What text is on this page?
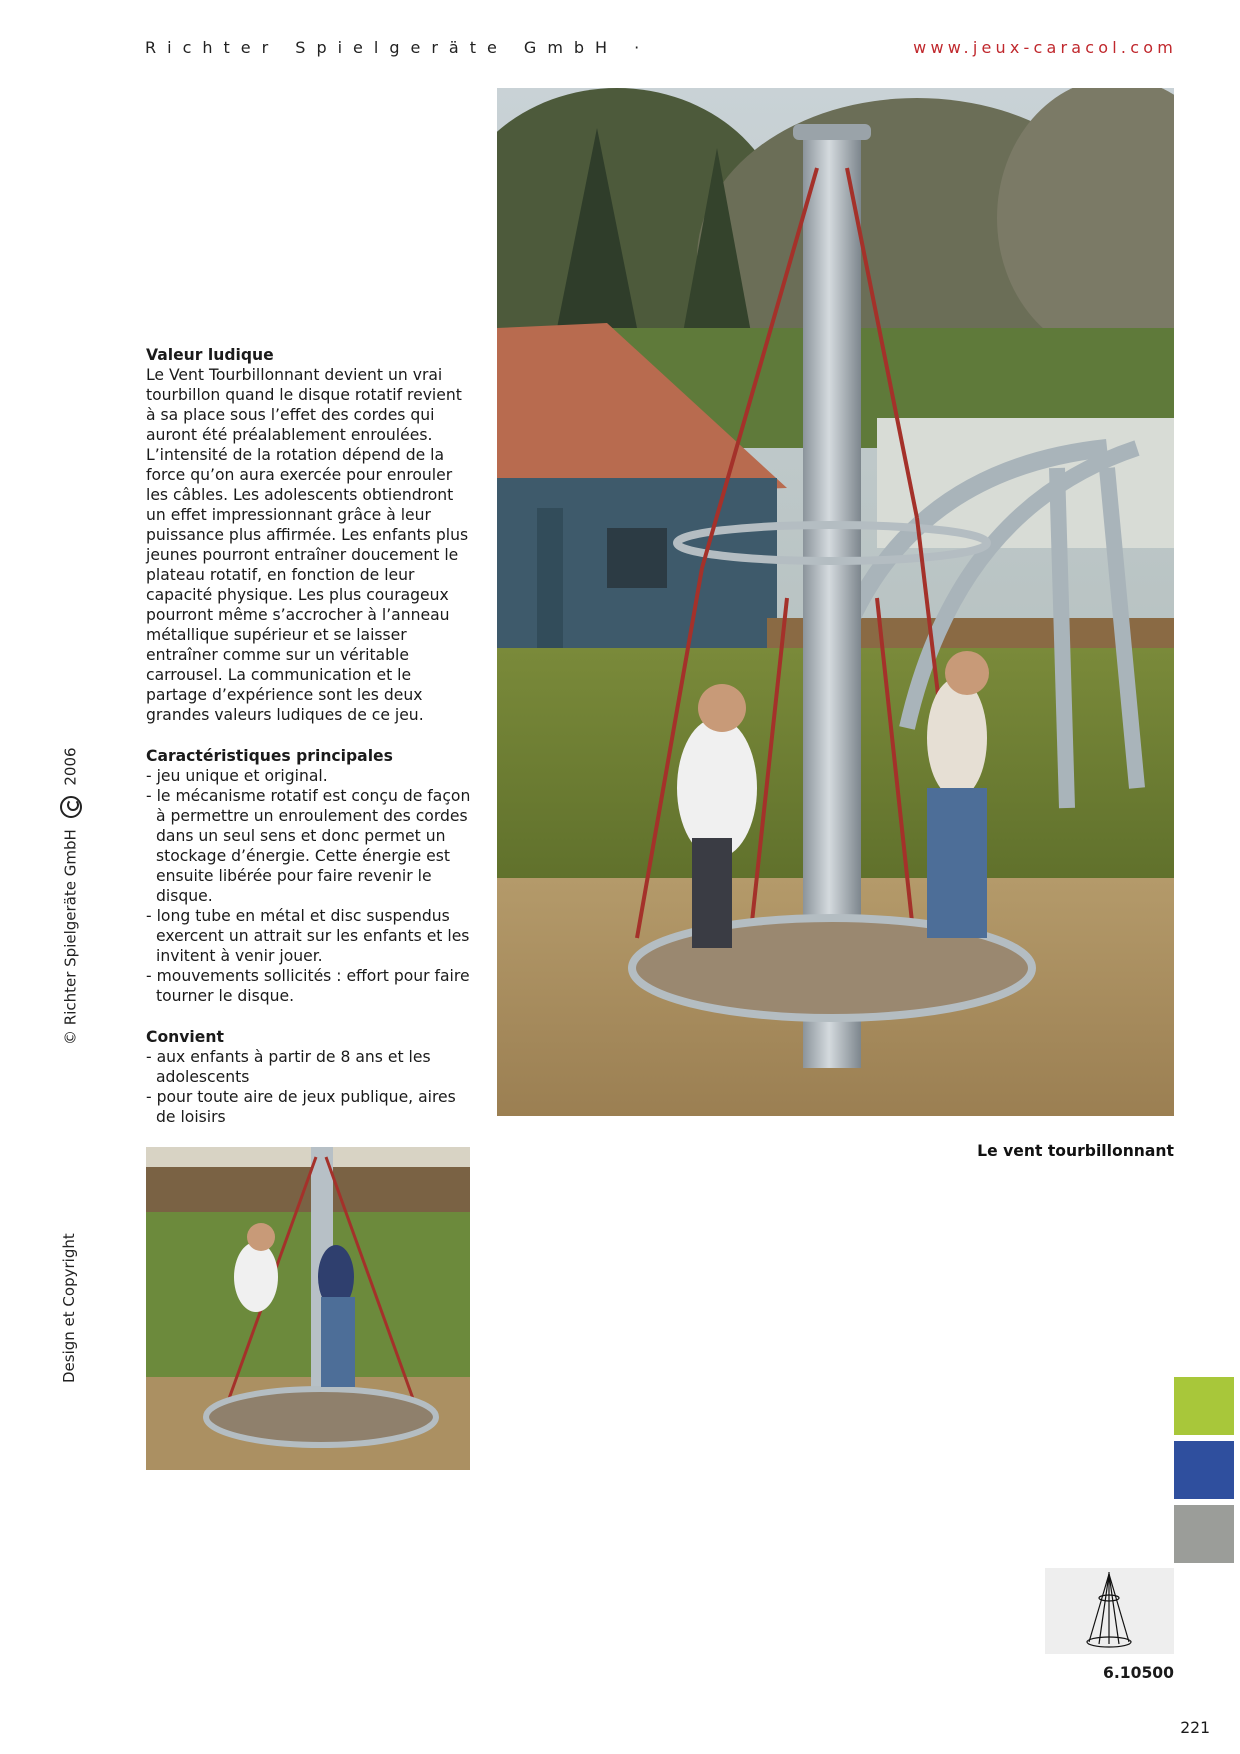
Richter Spielgeräte GmbH ·	www.jeux-caracol.com
© Richter Spielgeräte GmbH  2006
Design et Copyright
Valeur ludique

Le Vent Tourbillonnant devient un vrai tourbillon quand le disque rotatif revient à sa place sous l’effet des cordes qui auront été préalablement enroulées. L’intensité de la rotation dépend de la force qu’on aura exercée pour enrouler les câbles. Les adolescents obtiendront un effet impressionnant grâce à leur puissance plus affirmée. Les enfants plus jeunes pourront entraîner doucement le plateau rotatif, en fonction de leur capacité physique. Les plus courageux pourront même s’accrocher à l’anneau métallique supérieur et se laisser entraîner comme sur un véritable carrousel. La communication et le partage d’expérience sont les deux grandes valeurs ludiques de ce jeu.

Caractéristiques principales
- jeu unique et original.
- le mécanisme rotatif est conçu de façon à permettre un enroulement des cordes dans un seul sens et donc permet un stockage d’énergie. Cette énergie est ensuite libérée pour faire revenir le disque.
- long tube en métal et disc suspendus exercent un attrait sur les enfants et les invitent à venir jouer.
- mouvements sollicités : effort pour faire tourner le disque.
Convient
- aux enfants à partir de 8 ans et les adolescents
- pour toute aire de jeux publique, aires de loisirs
Le vent tourbillonnant
6.10500
221
